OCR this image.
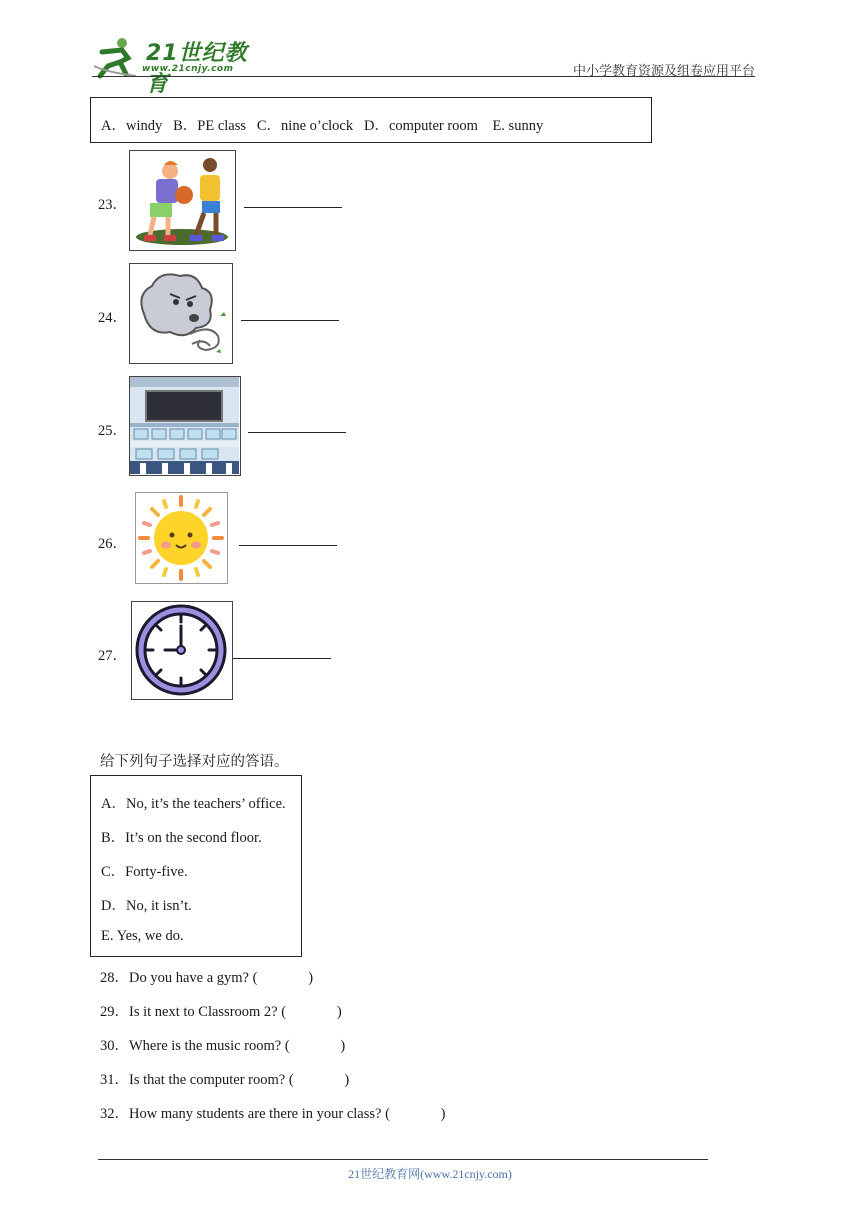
21世纪教育
www.21cnjy.com	中小学教育资源及组卷应用平台
A．windy   B．PE class   C．nine o’clock   D．computer room    E. sunny
23．
24．
25．
26．
27．
给下列句子选择对应的答语。
A．No, it’s the teachers’ office.
B．It’s on the second floor.
C．Forty-five.
D．No, it isn’t.
E. Yes, we do.
28．Do you have a gym? (              )
29．Is it next to Classroom 2? (              )
30．Where is the music room? (              )
31．Is that the computer room? (              )
32．How many students are there in your class? (              )
21世纪教育网(www.21cnjy.com)
